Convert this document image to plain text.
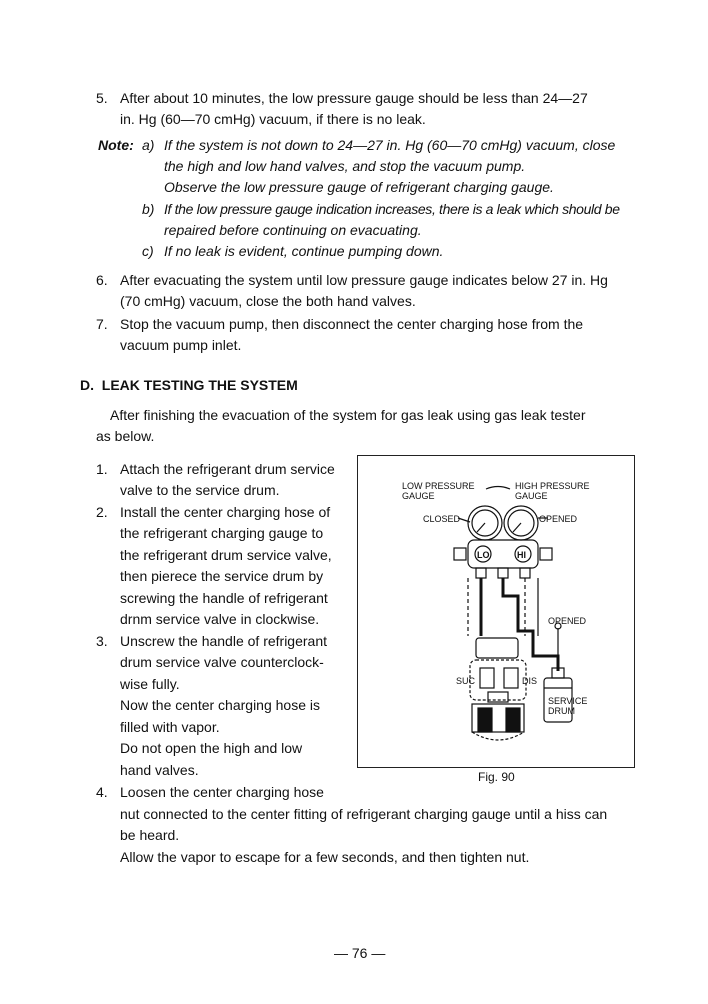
5. After about 10 minutes, the low pressure gauge should be less than 24—27
in. Hg (60—70 cmHg) vacuum, if there is no leak.
Note: a) If the system is not down to 24—27 in. Hg (60—70 cmHg) vacuum, close
the high and low hand valves, and stop the vacuum pump.
Observe the low pressure gauge of refrigerant charging gauge.
b) If the low pressure gauge indication increases, there is a leak which should be
repaired before continuing on evacuating.
c) If no leak is evident, continue pumping down.
6. After evacuating the system until low pressure gauge indicates below 27 in. Hg
(70 cmHg) vacuum, close the both hand valves.
7. Stop the vacuum pump, then disconnect the center charging hose from the
vacuum pump inlet.
D. LEAK TESTING THE SYSTEM
After finishing the evacuation of the system for gas leak using gas leak tester
as below.
1. Attach the refrigerant drum service
valve to the service drum.
2. Install the center charging hose of
the refrigerant charging gauge to
the refrigerant drum service valve,
then pierece the service drum by
screwing the handle of refrigerant
drnm service valve in clockwise.
3. Unscrew the handle of refrigerant
drum service valve counterclock-
wise fully.
Now the center charging hose is
filled with vapor.
Do not open the high and low
hand valves.
4. Loosen the center charging hose
nut connected to the center fitting of refrigerant charging gauge until a hiss can
be heard.
Allow the vapor to escape for a few seconds, and then tighten nut.
LOW PRESSURE
GAUGE
HIGH PRESSURE
GAUGE
CLOSED	OPENED
LO	HI
OPENED
SUC	DIS
SERVICE
DRUM
Fig. 90
— 76 —
